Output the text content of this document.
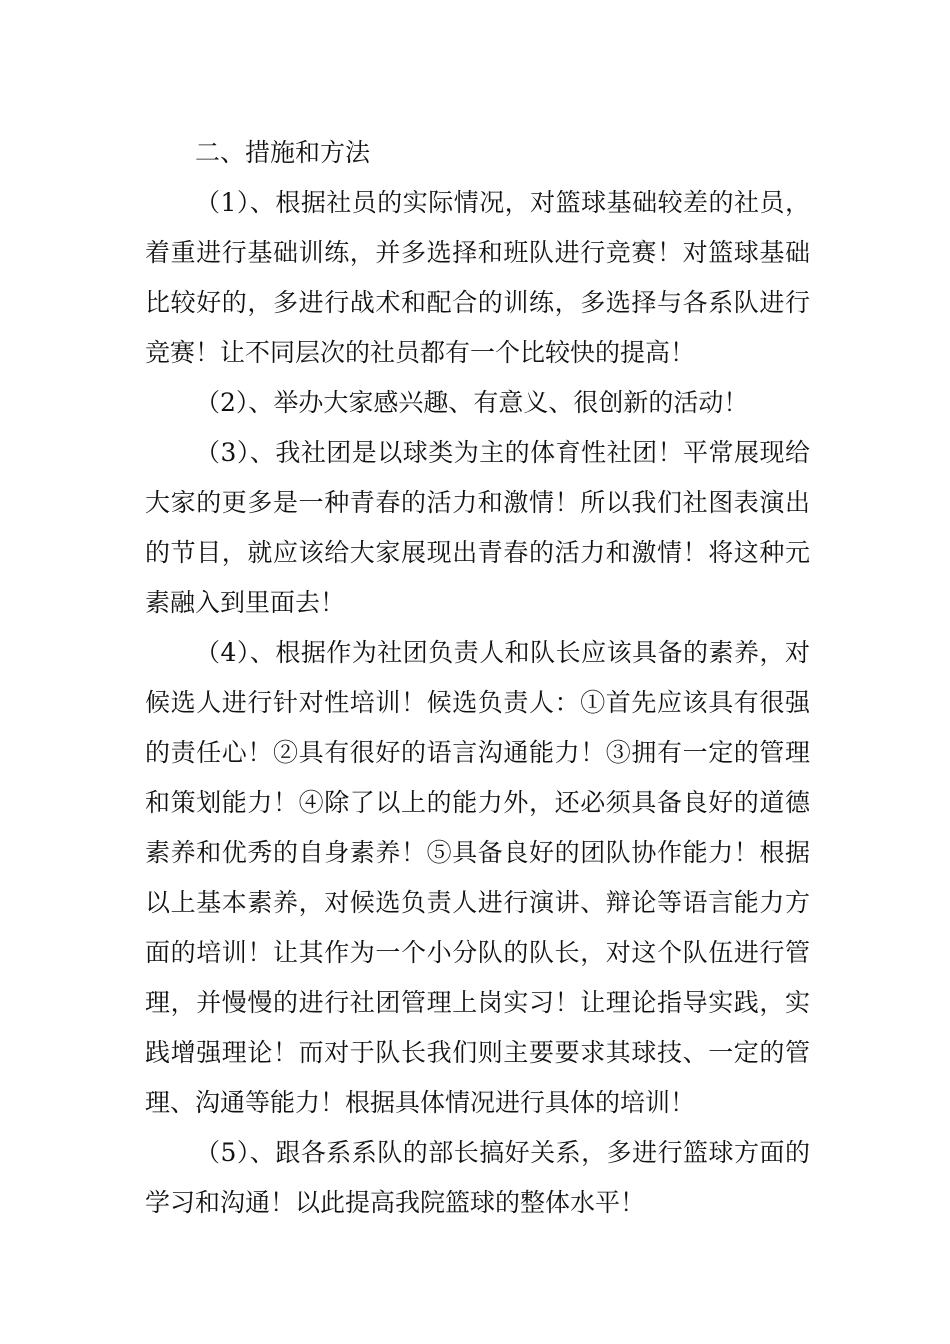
二、措施和方法

（1）、根据社员的实际情况，对篮球基础较差的社员，着重进行基础训练，并多选择和班队进行竞赛！对篮球基础比较好的，多进行战术和配合的训练，多选择与各系队进行竞赛！让不同层次的社员都有一个比较快的提高！

（2）、举办大家感兴趣、有意义、很创新的活动！

（3）、我社团是以球类为主的体育性社团！平常展现给大家的更多是一种青春的活力和激情！所以我们社图表演出的节目，就应该给大家展现出青春的活力和激情！将这种元素融入到里面去！

（4）、根据作为社团负责人和队长应该具备的素养，对候选人进行针对性培训！候选负责人：①首先应该具有很强的责任心！②具有很好的语言沟通能力！③拥有一定的管理和策划能力！④除了以上的能力外，还必须具备良好的道德素养和优秀的自身素养！⑤具备良好的团队协作能力！根据以上基本素养，对候选负责人进行演讲、辩论等语言能力方面的培训！让其作为一个小分队的队长，对这个队伍进行管理，并慢慢的进行社团管理上岗实习！让理论指导实践，实践增强理论！而对于队长我们则主要要求其球技、一定的管理、沟通等能力！根据具体情况进行具体的培训！

（5）、跟各系系队的部长搞好关系，多进行篮球方面的学习和沟通！以此提高我院篮球的整体水平！
